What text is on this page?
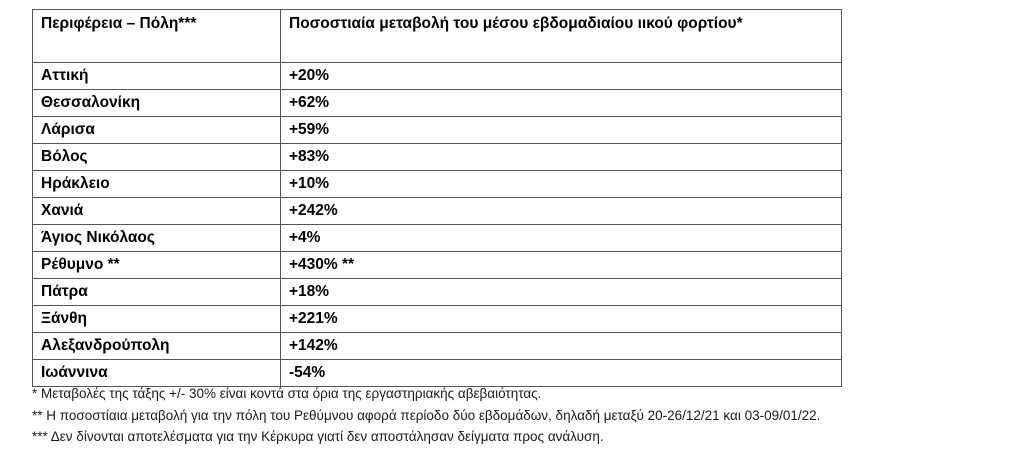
Περιφέρεια – Πόλη***	Ποσοστιαία μεταβολή του μέσου εβδομαδιαίου ιικού φορτίου*
Αττική	+20%
Θεσσαλονίκη	+62%
Λάρισα	+59%
Βόλος	+83%
Ηράκλειο	+10%
Χανιά	+242%
Άγιος Νικόλαος	+4%
Ρέθυμνο **	+430% **
Πάτρα	+18%
Ξάνθη	+221%
Αλεξανδρούπολη	+142%
Ιωάννινα	-54%
* Μεταβολές της τάξης +/- 30% είναι κοντά στα όρια της εργαστηριακής αβεβαιότητας.
** Η ποσοστίαια μεταβολή για την πόλη του Ρεθύμνου αφορά περίοδο δύο εβδομάδων, δηλαδή μεταξύ 20-26/12/21 και 03-09/01/22.
*** Δεν δίνονται αποτελέσματα για την Κέρκυρα γιατί δεν αποστάλησαν δείγματα προς ανάλυση.
